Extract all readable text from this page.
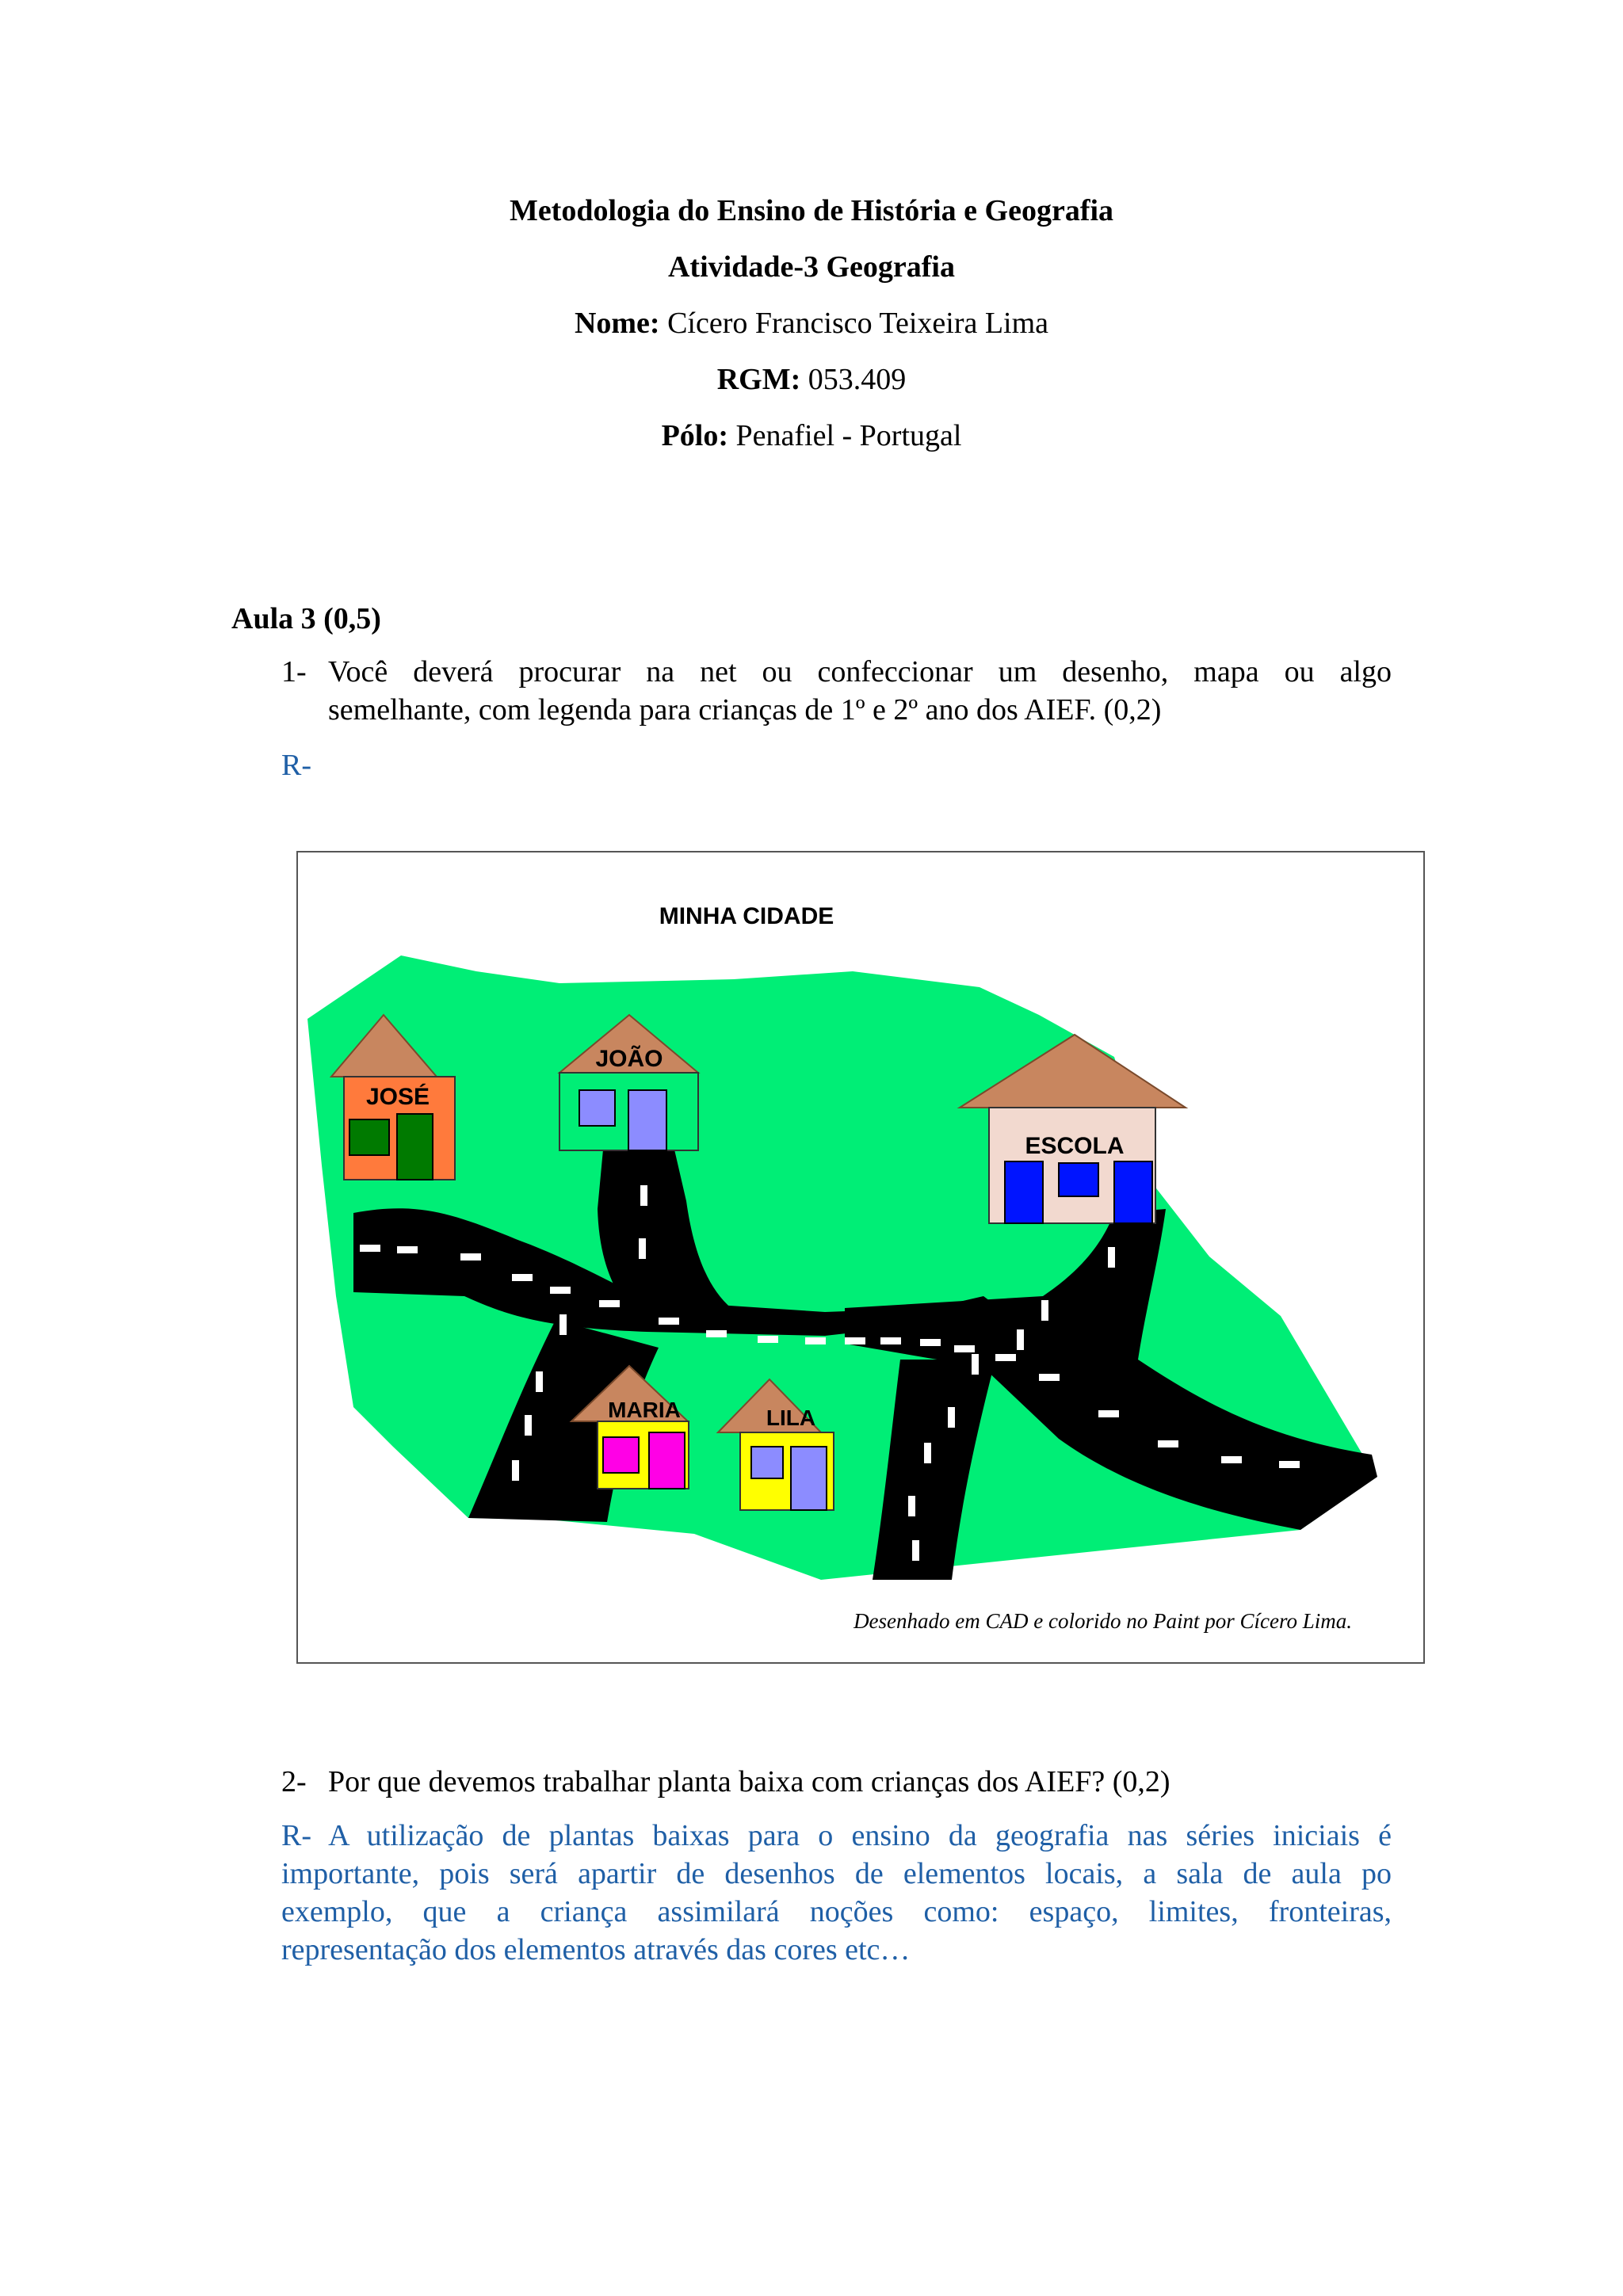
Metodologia do Ensino de História e Geografia
Atividade-3 Geografia
Nome: Cícero Francisco Teixeira Lima
RGM: 053.409
Pólo: Penafiel - Portugal
Aula 3 (0,5)
1- Você deverá procurar na net ou confeccionar um desenho, mapa ou algo
semelhante, com legenda para crianças de 1º e 2º ano dos AIEF. (0,2)
R-
JOSÉ
JOÃO
ESCOLA
MARIA	LILA
MINHA CIDADE
Desenhado em CAD e colorido no Paint por Cícero Lima.
2- Por que devemos trabalhar planta baixa com crianças dos AIEF? (0,2)
R- A utilização de plantas baixas para o ensino da geografia nas séries iniciais é
importante, pois será apartir de desenhos de elementos locais, a sala de aula po
exemplo, que a criança assimilará noções como: espaço, limites, fronteiras,
representação dos elementos através das cores etc…
